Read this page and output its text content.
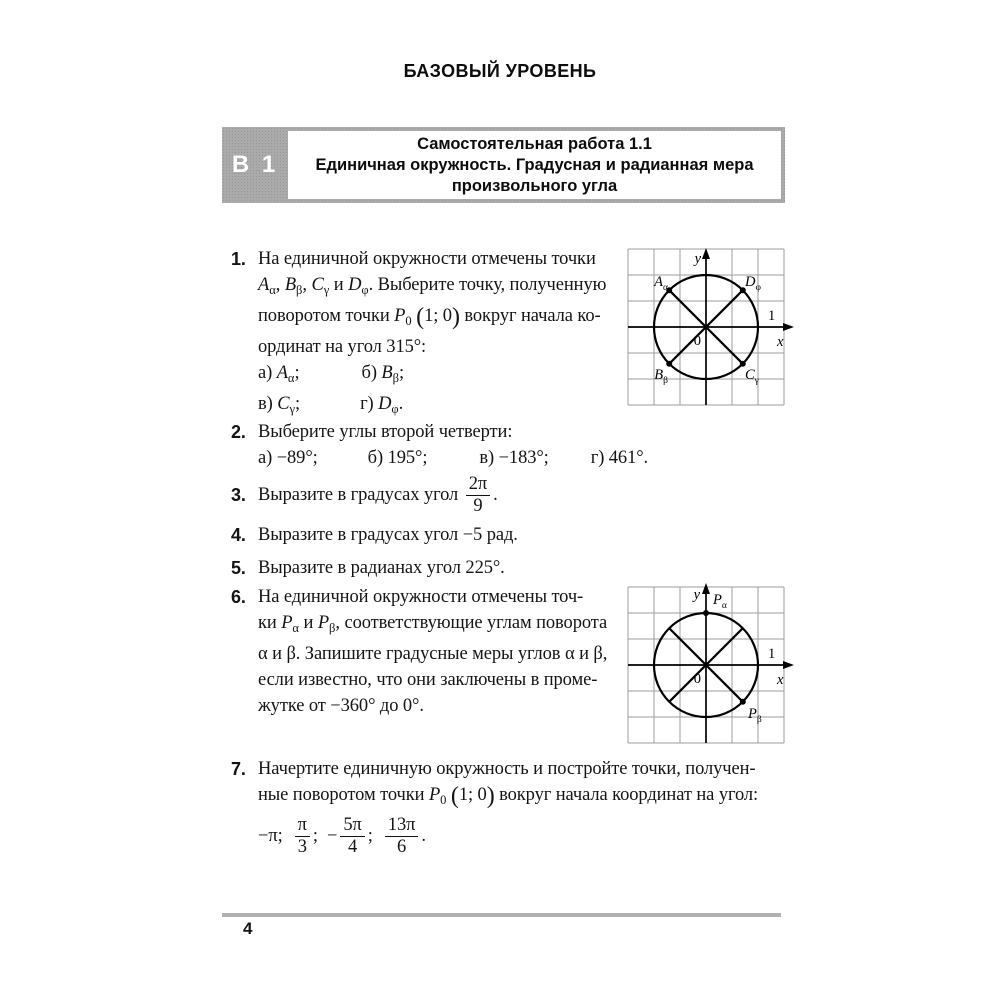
БАЗОВЫЙ УРОВЕНЬ
В 1
Самостоятельная работа 1.1
Единичная окружность. Градусная и радианная мера
произвольного угла
1. На единичной окружности отмечены точки
$A_\alpha$, $B_\beta$, $C_\gamma$ и $D_\varphi$. Выберите точку, полученную
поворотом точки $P_0$ (1; 0) вокруг начала ко-
ординат на угол 315°:
а) $A_\alpha$;	б) $B_\beta$;
в) $C_\gamma$;	г) $D_\varphi$.
y
x
1
0
$A_\alpha$	$D_\varphi$
$B_\beta$	$C_\gamma$
2. Выберите углы второй четверти:
а) −89°;	б) 195°;	в) −183°; г) 461°.
3. Выразите в градусах угол $\frac{2\pi}{9}$ .
4. Выразите в градусах угол −5 рад.
5. Выразите в радианах угол 225°.
6. На единичной окружности отмечены точ-
ки $P_\alpha$ и $P_\beta$, соответствующие углам поворота
α и β. Запишите градусные меры углов α и β,
если известно, что они заключены в проме-
жутке от −360° до 0°.
y
x
1
0
$P_\alpha$
$P_\beta$
7. Начертите единичную окружность и постройте точки, получен-
ные поворотом точки $P_0$ (1; 0) вокруг начала координат на угол:
−π; $\frac{\pi}{3}$ ;  − $\frac{5\pi}{4}$ ; $\frac{13\pi}{6}$ .
4
